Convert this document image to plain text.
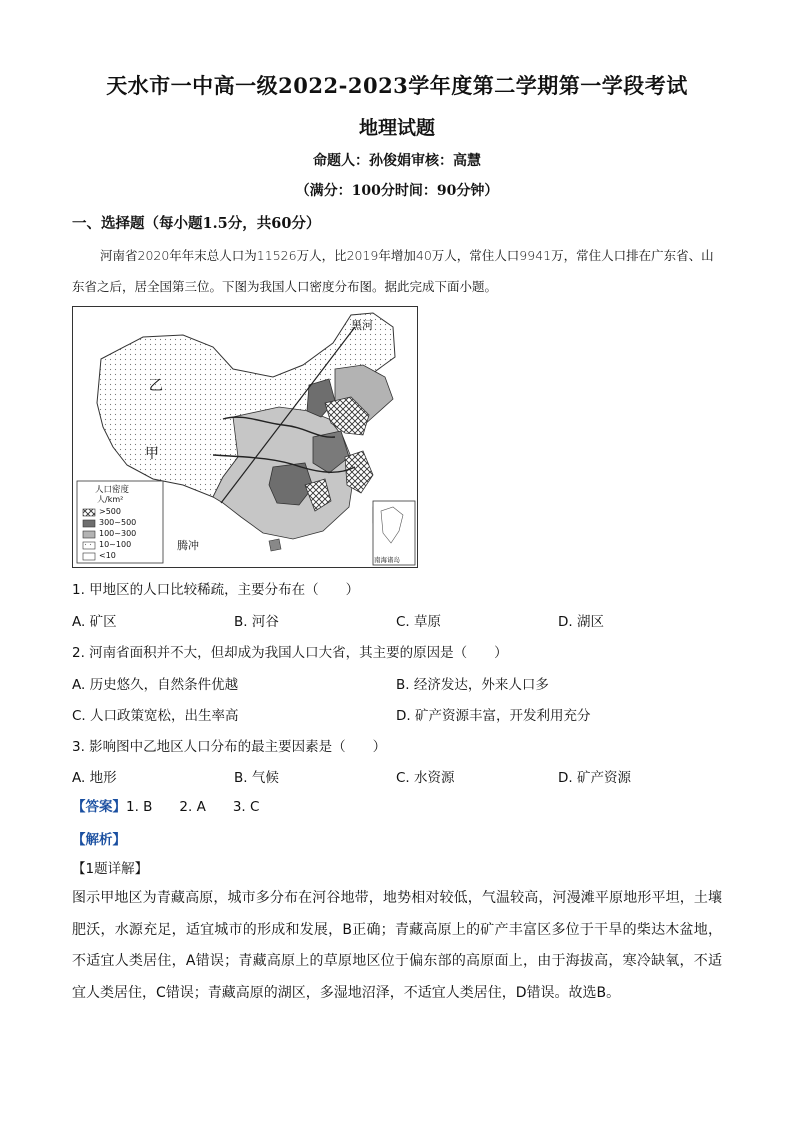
天水市一中高一级2022-2023学年度第二学期第一学段考试
地理试题
命题人：孙俊娟审核：高慧
（满分：100分时间：90分钟）
一、选择题（每小题1.5分，共60分）
河南省2020年年末总人口为11526万人，比2019年增加40万人，常住人口9941万，常住人口排在广东省、山东省之后，居全国第三位。下图为我国人口密度分布图。据此完成下面小题。
黑河
腾冲
乙
甲
人口密度
人/km²
>500
300~500
100~300
10~100
<10	南海诸岛
1. 甲地区的人口比较稀疏，主要分布在（　　）
A. 矿区	B. 河谷	C. 草原	D. 湖区
2. 河南省面积并不大，但却成为我国人口大省，其主要的原因是（　　）
A. 历史悠久，自然条件优越	B. 经济发达，外来人口多
C. 人口政策宽松，出生率高	D. 矿产资源丰富，开发利用充分
3. 影响图中乙地区人口分布的最主要因素是（　　）
A. 地形	B. 气候	C. 水资源	D. 矿产资源
【答案】1. B　　2. A　　3. C
【解析】
【1题详解】
图示甲地区为青藏高原，城市多分布在河谷地带，地势相对较低，气温较高，河漫滩平原地形平坦，土壤肥沃，水源充足，适宜城市的形成和发展，B正确；青藏高原上的矿产丰富区多位于干旱的柴达木盆地，不适宜人类居住，A错误；青藏高原上的草原地区位于偏东部的高原面上，由于海拔高，寒冷缺氧，不适宜人类居住，C错误；青藏高原的湖区，多湿地沼泽，不适宜人类居住，D错误。故选B。
